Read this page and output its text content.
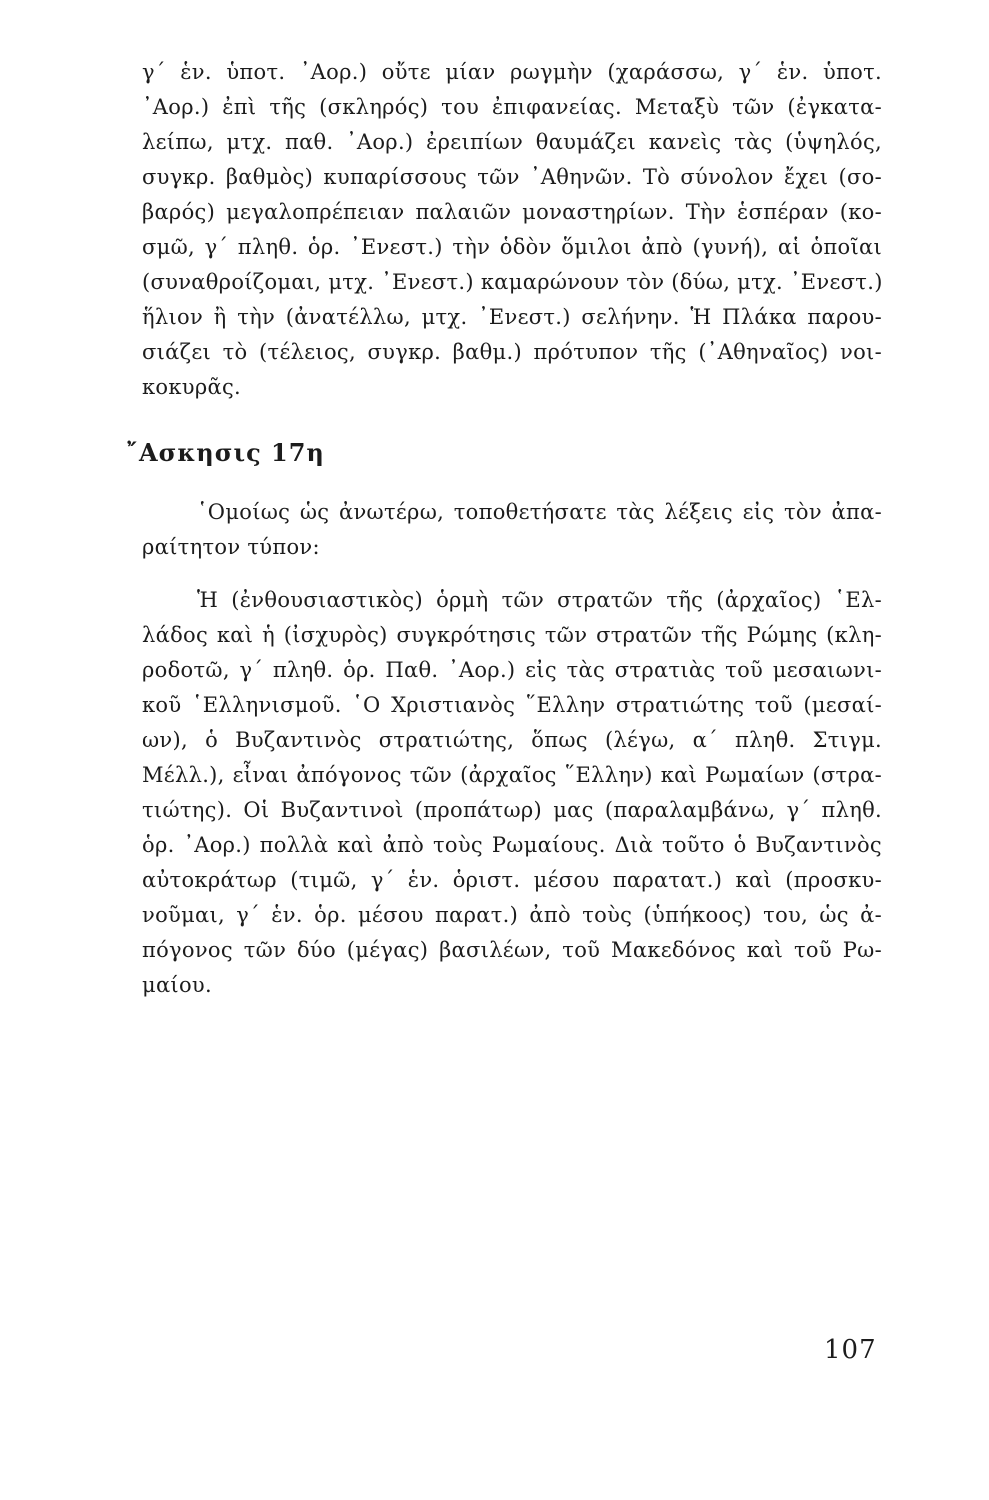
γ΄ ἑν. ὑποτ. ᾿Αορ.) οὔτε μίαν ρωγμὴν (χαράσσω, γ΄ ἑν. ὑποτ.
᾿Αορ.) ἐπὶ τῆς (σκληρός) του ἐπιφανείας. Μεταξὺ τῶν (ἐγκατα-
λείπω, μτχ. παθ. ᾿Αορ.) ἐρειπίων θαυμάζει κανεὶς τὰς (ὑψηλός,
συγκρ. βαθμὸς) κυπαρίσσους τῶν ᾿Αθηνῶν. Τὸ σύνολον ἔχει (σο-
βαρός) μεγαλοπρέπειαν παλαιῶν μοναστηρίων. Τὴν ἑσπέραν (κο-
σμῶ, γ΄ πληθ. ὁρ. ᾿Ενεστ.) τὴν ὁδὸν ὅμιλοι ἀπὸ (γυνή), αἱ ὁποῖαι
(συναθροίζομαι, μτχ. ᾿Ενεστ.) καμαρώνουν τὸν (δύω, μτχ. ᾿Ενεστ.)
ἥλιον ἢ τὴν (ἀνατέλλω, μτχ. ᾿Ενεστ.) σελήνην. Ἡ Πλάκα παρου-
σιάζει τὸ (τέλειος, συγκρ. βαθμ.) πρότυπον τῆς (᾿Αθηναῖος) νοι-
κοκυρᾶς.
῎Ασκησις 17η
῾Ομοίως ὡς ἀνωτέρω, τοποθετήσατε τὰς λέξεις εἰς τὸν ἀπα-
ραίτητον τύπον:
Ἡ (ἐνθουσιαστικὸς) ὁρμὴ τῶν στρατῶν τῆς (ἀρχαῖος) ῾Ελ-
λάδος καὶ ἡ (ἰσχυρὸς) συγκρότησις τῶν στρατῶν τῆς Ρώμης (κλη-
ροδοτῶ, γ΄ πληθ. ὁρ. Παθ. ᾿Αορ.) εἰς τὰς στρατιὰς τοῦ μεσαιωνι-
κοῦ ῾Ελληνισμοῦ. ῾Ο Χριστιανὸς ῞Ελλην στρατιώτης τοῦ (μεσαί-
ων), ὁ Βυζαντινὸς στρατιώτης, ὅπως (λέγω, α΄ πληθ. Στιγμ.
Μέλλ.), εἶναι ἀπόγονος τῶν (ἀρχαῖος ῞Ελλην) καὶ Ρωμαίων (στρα-
τιώτης). Οἱ Βυζαντινοὶ (προπάτωρ) μας (παραλαμβάνω, γ΄ πληθ.
ὁρ. ᾿Αορ.) πολλὰ καὶ ἀπὸ τοὺς Ρωμαίους. Διὰ τοῦτο ὁ Βυζαντινὸς
αὐτοκράτωρ (τιμῶ, γ΄ ἑν. ὁριστ. μέσου παρατατ.) καὶ (προσκυ-
νοῦμαι, γ΄ ἑν. ὁρ. μέσου παρατ.) ἀπὸ τοὺς (ὑπήκοος) του, ὡς ἀ-
πόγονος τῶν δύο (μέγας) βασιλέων, τοῦ Μακεδόνος καὶ τοῦ Ρω-
μαίου.
107
